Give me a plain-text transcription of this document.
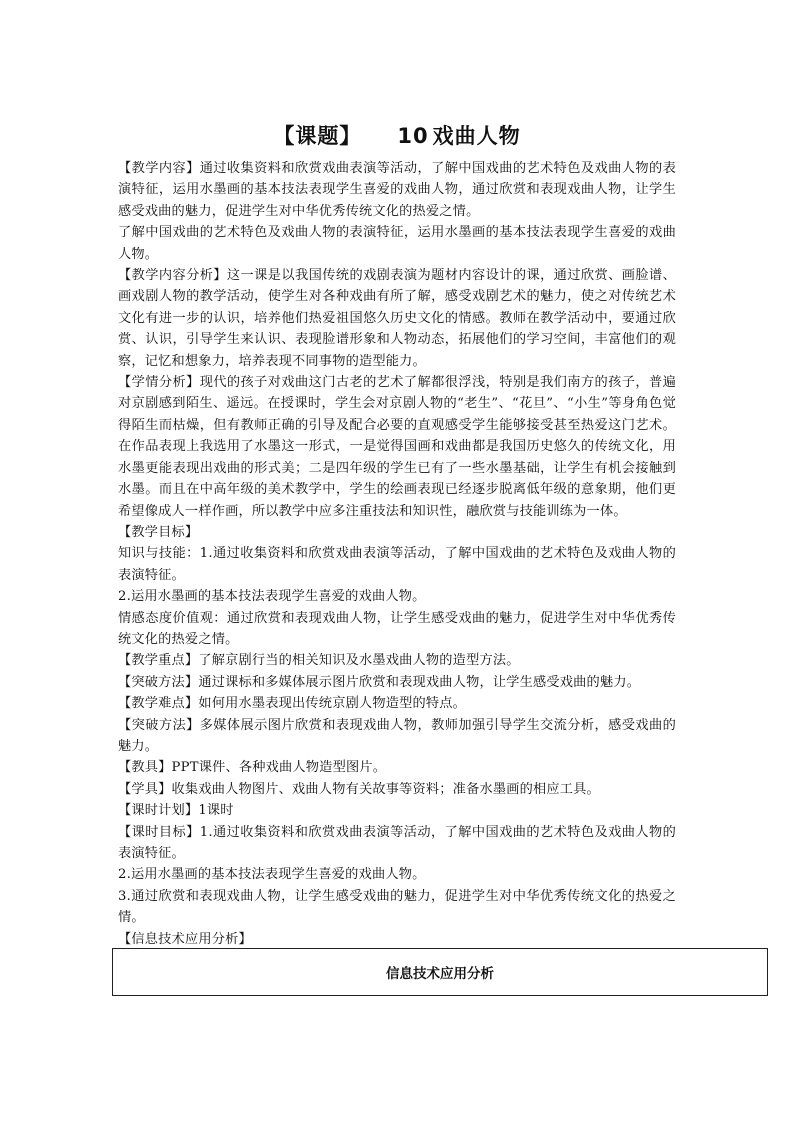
【课题】 10 戏曲人物

【教学内容】通过收集资料和欣赏戏曲表演等活动，了解中国戏曲的艺术特色及戏曲人物的表演特征，运用水墨画的基本技法表现学生喜爱的戏曲人物，通过欣赏和表现戏曲人物，让学生感受戏曲的魅力，促进学生对中华优秀传统文化的热爱之情。

了解中国戏曲的艺术特色及戏曲人物的表演特征，运用水墨画的基本技法表现学生喜爱的戏曲人物。

【教学内容分析】这一课是以我国传统的戏剧表演为题材内容设计的课，通过欣赏、画脸谱、画戏剧人物的教学活动，使学生对各种戏曲有所了解，感受戏剧艺术的魅力，使之对传统艺术文化有进一步的认识，培养他们热爱祖国悠久历史文化的情感。教师在教学活动中，要通过欣赏、认识，引导学生来认识、表现脸谱形象和人物动态，拓展他们的学习空间，丰富他们的观察，记忆和想象力，培养表现不同事物的造型能力。

【学情分析】现代的孩子对戏曲这门古老的艺术了解都很浮浅，特别是我们南方的孩子，普遍对京剧感到陌生、遥远。在授课时，学生会对京剧人物的“老生”、“花旦”、“小生”等身角色觉得陌生而枯燥，但有教师正确的引导及配合必要的直观感受学生能够接受甚至热爱这门艺术。在作品表现上我选用了水墨这一形式，一是觉得国画和戏曲都是我国历史悠久的传统文化，用水墨更能表现出戏曲的形式美；二是四年级的学生已有了一些水墨基础，让学生有机会接触到水墨。而且在中高年级的美术教学中，学生的绘画表现已经逐步脱离低年级的意象期，他们更希望像成人一样作画，所以教学中应多注重技法和知识性，融欣赏与技能训练为一体。

【教学目标】

知识与技能：1.通过收集资料和欣赏戏曲表演等活动，了解中国戏曲的艺术特色及戏曲人物的表演特征。

2.运用水墨画的基本技法表现学生喜爱的戏曲人物。

情感态度价值观：通过欣赏和表现戏曲人物，让学生感受戏曲的魅力，促进学生对中华优秀传统文化的热爱之情。

【教学重点】了解京剧行当的相关知识及水墨戏曲人物的造型方法。

【突破方法】通过课标和多媒体展示图片欣赏和表现戏曲人物，让学生感受戏曲的魅力。

【教学难点】如何用水墨表现出传统京剧人物造型的特点。

【突破方法】多媒体展示图片欣赏和表现戏曲人物，教师加强引导学生交流分析，感受戏曲的魅力。

【教具】PPT课件、各种戏曲人物造型图片。

【学具】收集戏曲人物图片、戏曲人物有关故事等资料；准备水墨画的相应工具。

【课时计划】1课时

【课时目标】1.通过收集资料和欣赏戏曲表演等活动，了解中国戏曲的艺术特色及戏曲人物的表演特征。

2.运用水墨画的基本技法表现学生喜爱的戏曲人物。

3.通过欣赏和表现戏曲人物，让学生感受戏曲的魅力，促进学生对中华优秀传统文化的热爱之情。

【信息技术应用分析】

信息技术应用分析
